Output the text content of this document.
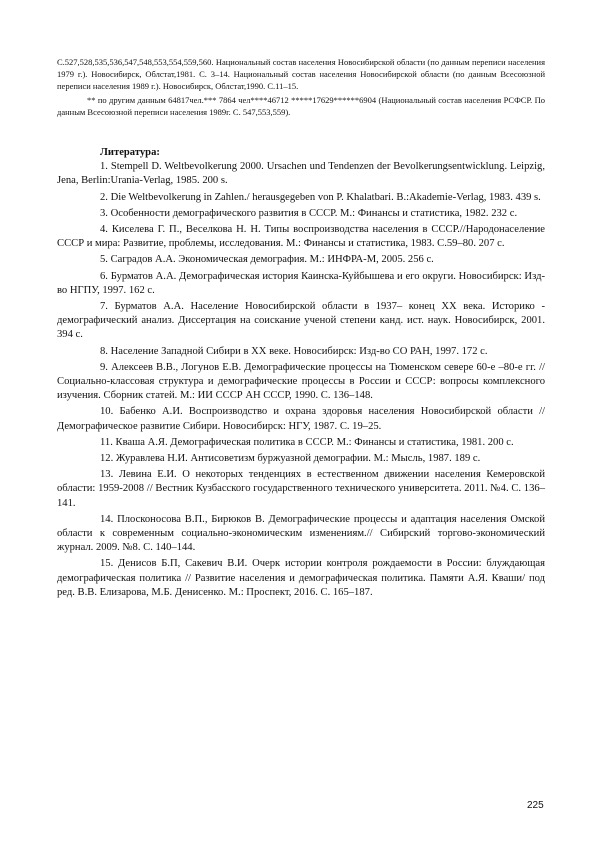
С.527,528,535,536,547,548,553,554,559,560. Национальный состав населения Новосибирской области (по данным переписи населения 1979 г.). Новосибирск, Облстат,1981. С. 3–14. Национальный состав населения Новосибирской области (по данным Всесоюзной переписи населения 1989 г.). Новосибирск, Облстат,1990. С.11–15.

** по другим данным 64817чел.*** 7864 чел****46712 *****17629******6904 (Национальный состав населения РСФСР. По данным Всесоюзной переписи населения 1989г. С. 547,553,559).

Литература:

1. Stempell D. Weltbevolkerung 2000. Ursachen und Tendenzen der Bevolkerungsentwicklung. Leipzig, Jena, Berlin:Urania-Verlag, 1985. 200 s.

2. Die Weltbevolkerung in Zahlen./ herausgegeben von P. Khalatbari. B.:Akademie-Verlag, 1983. 439 s.

3. Особенности демографического развития в СССР. М.: Финансы и статистика, 1982. 232 с.

4. Киселева Г. П., Веселкова Н. Н. Типы воспроизводства населения в СССР.//Народонаселение СССР и мира: Развитие, проблемы, исследования. М.: Финансы и статистика, 1983. С.59–80. 207 с.

5. Саградов А.А. Экономическая демография. М.: ИНФРА-М, 2005. 256 с.

6. Бурматов А.А. Демографическая история Каинска-Куйбышева и его округи. Новосибирск: Изд-во НГПУ, 1997. 162 с.

7. Бурматов А.А. Население Новосибирской области в 1937– конец XX века. Историко - демографический анализ. Диссертация на соискание ученой степени канд. ист. наук. Новосибирск, 2001. 394 с.

8. Население Западной Сибири в XX веке. Новосибирск: Изд-во СО РАН, 1997. 172 с.

9. Алексеев В.В., Логунов Е.В. Демографические процессы на Тюменском севере 60-е –80-е гг. // Социально-классовая структура и демографические процессы в России и СССР: вопросы комплексного изучения. Сборник статей. М.: ИИ СССР АН СССР, 1990. С. 136–148.

10. Бабенко А.И. Воспроизводство и охрана здоровья населения Новосибирской области //Демографическое развитие Сибири. Новосибирск: НГУ, 1987. С. 19–25.

11. Кваша А.Я. Демографическая политика в СССР. М.: Финансы и статистика, 1981. 200 с.

12. Журавлева Н.И. Антисоветизм буржуазной демографии. М.: Мысль, 1987. 189 с.

13. Левина Е.И. О некоторых тенденциях в естественном движении населения Кемеровской области: 1959-2008 // Вестник Кузбасского государственного технического университета. 2011. №4. С. 136–141.

14. Плосконосова В.П., Бирюков В. Демографические процессы и адаптация населения Омской области к современным социально-экономическим изменениям.// Сибирский торгово-экономический журнал. 2009. №8. С. 140–144.

15. Денисов Б.П, Сакевич В.И. Очерк истории контроля рождаемости в России: блуждающая демографическая политика // Развитие населения и демографическая политика. Памяти А.Я. Кваши/ под ред. В.В. Елизарова, М.Б. Денисенко. М.: Проспект, 2016. С. 165–187.

225
